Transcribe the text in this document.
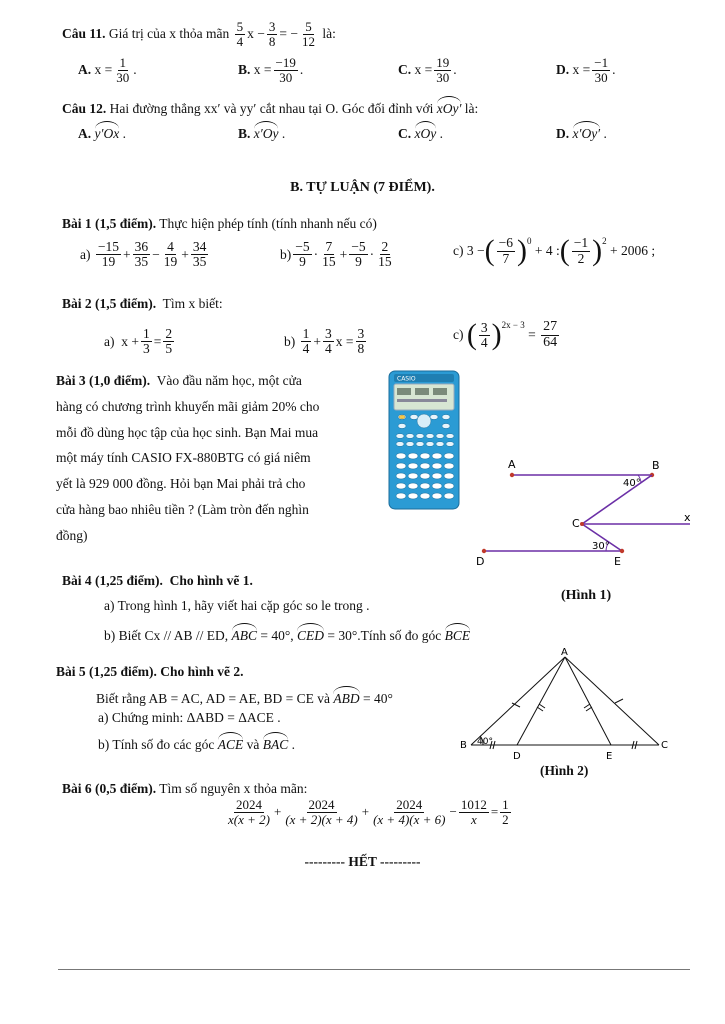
Câu 11.
Giá trị của x thỏa mãn
$\frac{5}{4}$ $x - \frac{3}{8}$ = − $\frac{5}{12}$
là:
A.
$x = \frac{1}{30}$ .	B.
$x = \frac{-19}{30}$ .	C.
$x = \frac{19}{30}$ .	D.
$x = \frac{-1}{30}$ .
Câu 12. Hai đường thẳng xx′ và yy′ cắt nhau tại O. Góc đối đỉnh với xOy′ là:
A. y′Ox .	B. x′Oy .	C. xOy .	D. x′Oy′ .
B. TỰ LUẬN (7 ĐIỂM).
Bài 1 (1,5 điểm). Thực hiện phép tính (tính nhanh nếu có)
a)
$\frac{-15}{19} + \frac{36}{35} - \frac{4}{19} + \frac{34}{35}$	$b) \frac{-5}{9} \cdot \frac{7}{15} + \frac{-5}{9} \cdot \frac{2}{15}$	c)
3 − ( $\frac{-6}{7} )^0$

+ 4 : ( $\frac{-1}{2} )^2$

+ 2006 ;
Bài 2 (1,5 điểm). Tìm x biết:
a)
$x + \frac{1}{3} = \frac{2}{5}$	b)
$\frac{1}{4} + \frac{3}{4}$ $x = \frac{3}{8}$	c)
( $\frac{3}{4} )^{2x - 3}$

=
$\frac{27}{64}$
Bài 3 (1,0 điểm). Vào đầu năm học, một cửa
hàng có chương trình khuyến mãi giảm 20% cho
mỗi đồ dùng học tập của học sinh. Bạn Mai mua
một máy tính CASIO FX-880BTG có giá niêm
yết là 929 000 đồng. Hỏi bạn Mai phải trả cho
cửa hàng bao nhiêu tiền ? (Làm tròn đến nghìn
đồng)
CASIO
A	B
C	x
D	E
40°
30°
(Hình 1)
Bài 4 (1,25 điểm). Cho hình vẽ 1.
a) Trong hình 1, hãy viết hai cặp góc so le trong .
b) Biết Cx // AB // ED, ABC = 40°, CED = 30°.Tính số đo góc BCE
Bài 5 (1,25 điểm). Cho hình vẽ 2.
Biết rằng AB = AC, AD = AE, BD = CE và ABD = 40°
a) Chứng minh: ΔABD = ΔACE .
b) Tính số đo các góc ACE và BAC .
A
B	C
D	E
40°
(Hình 2)
Bài 6 (0,5 điểm). Tìm số nguyên x thỏa mãn:
$\frac{2024}{x(x + 2)} + \frac{2024}{(x + 2)(x + 4)} + \frac{2024}{(x + 4)(x + 6)} - \frac{1012}{x} = \frac{1}{2}$
--------- HẾT ---------
